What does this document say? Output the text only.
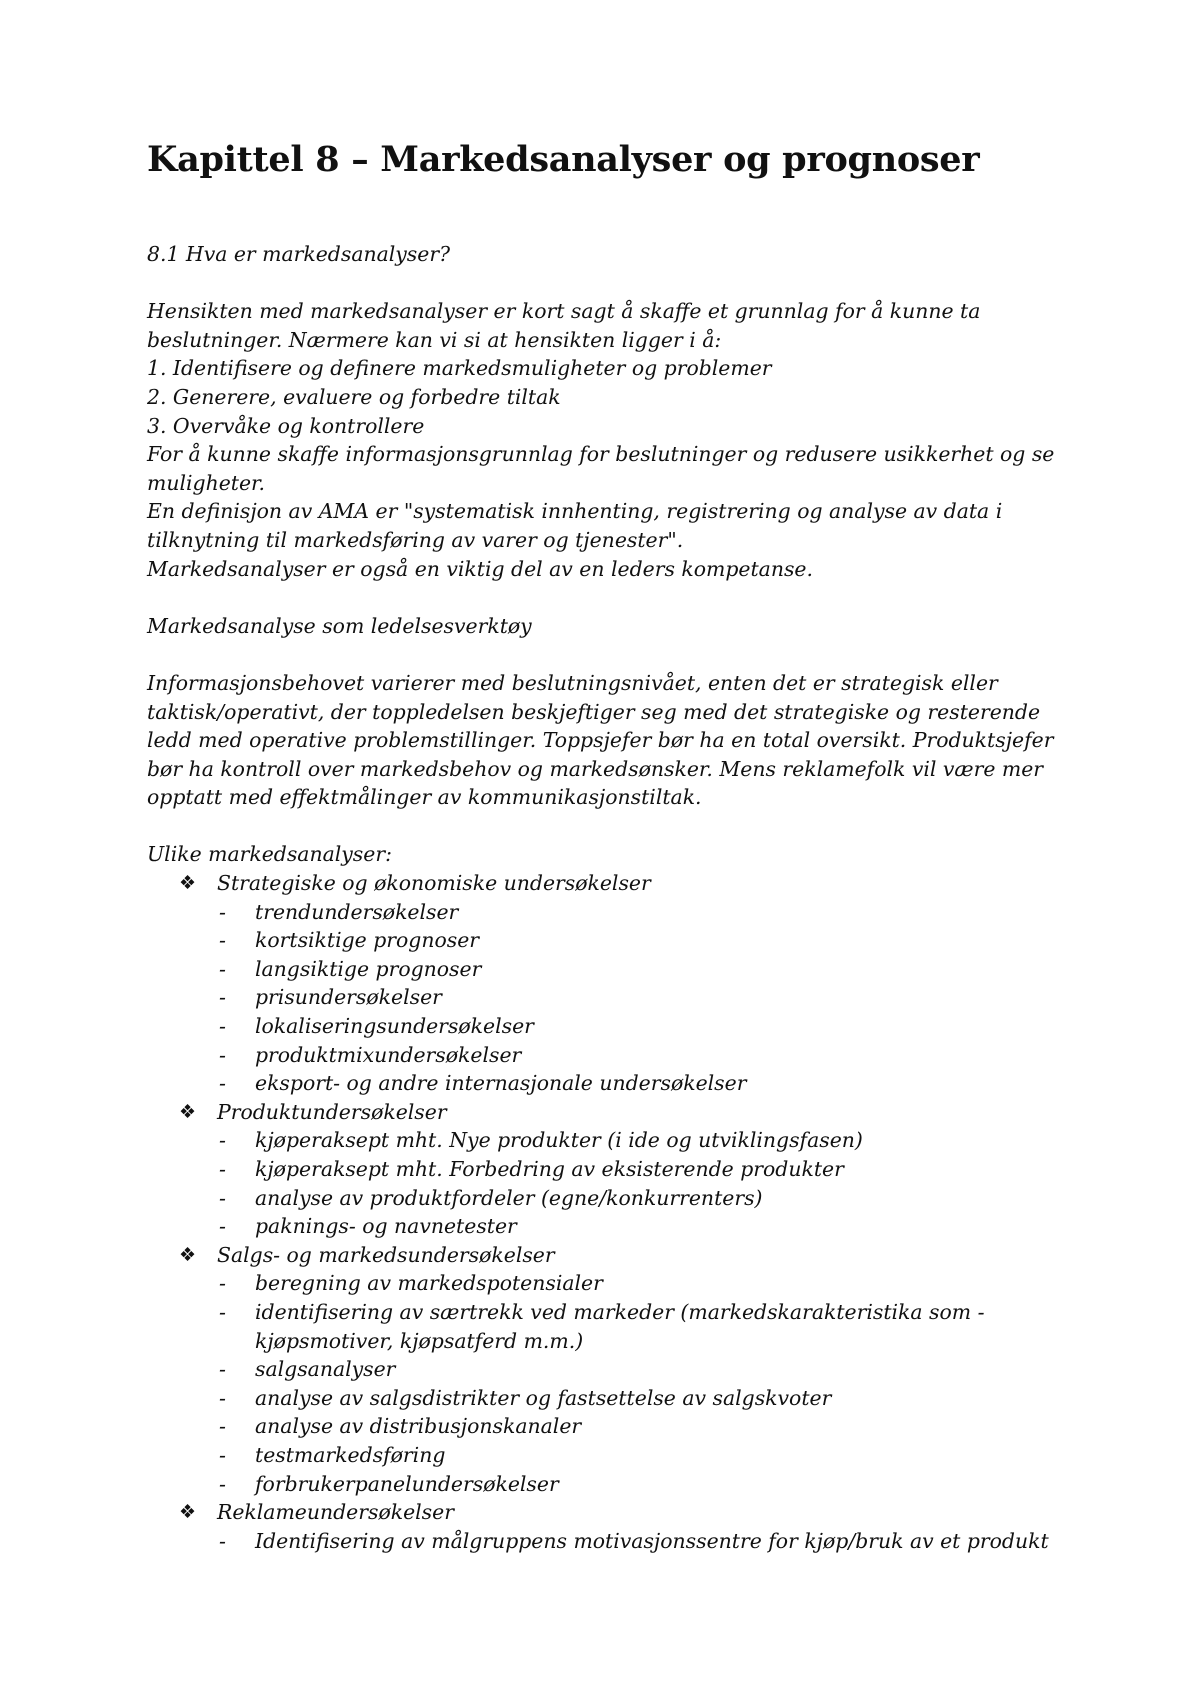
Kapittel 8 – Markedsanalyser og prognoser

8.1 Hva er markedsanalyser?

Hensikten med markedsanalyser er kort sagt å skaffe et grunnlag for å kunne ta beslutninger. Nærmere kan vi si at hensikten ligger i å:

1. Identifisere og definere markedsmuligheter og problemer

2. Generere, evaluere og forbedre tiltak

3. Overvåke og kontrollere

For å kunne skaffe informasjonsgrunnlag for beslutninger og redusere usikkerhet og se muligheter.

En definisjon av AMA er "systematisk innhenting, registrering og analyse av data i tilknytning til markedsføring av varer og tjenester".

Markedsanalyser er også en viktig del av en leders kompetanse.

Markedsanalyse som ledelsesverktøy

Informasjonsbehovet varierer med beslutningsnivået, enten det er strategisk eller taktisk/operativt, der toppledelsen beskjeftiger seg med det strategiske og resterende ledd med operative problemstillinger. Toppsjefer bør ha en total oversikt. Produktsjefer bør ha kontroll over markedsbehov og markedsønsker. Mens reklamefolk vil være mer opptatt med effektmålinger av kommunikasjonstiltak.

Ulike markedsanalyser:

❖ Strategiske og økonomiske undersøkelser
- trendundersøkelser
- kortsiktige prognoser
- langsiktige prognoser
- prisundersøkelser
- lokaliseringsundersøkelser
- produktmixundersøkelser
- eksport- og andre internasjonale undersøkelser
❖ Produktundersøkelser
- kjøperaksept mht. Nye produkter (i ide og utviklingsfasen)
- kjøperaksept mht. Forbedring av eksisterende produkter
- analyse av produktfordeler (egne/konkurrenters)
- paknings- og navnetester
❖ Salgs- og markedsundersøkelser
- beregning av markedspotensialer
- identifisering av særtrekk ved markeder (markedskarakteristika som - kjøpsmotiver, kjøpsatferd m.m.)
- salgsanalyser
- analyse av salgsdistrikter og fastsettelse av salgskvoter
- analyse av distribusjonskanaler
- testmarkedsføring
- forbrukerpanelundersøkelser
❖ Reklameundersøkelser
- Identifisering av målgruppens motivasjonssentre for kjøp/bruk av et produkt
